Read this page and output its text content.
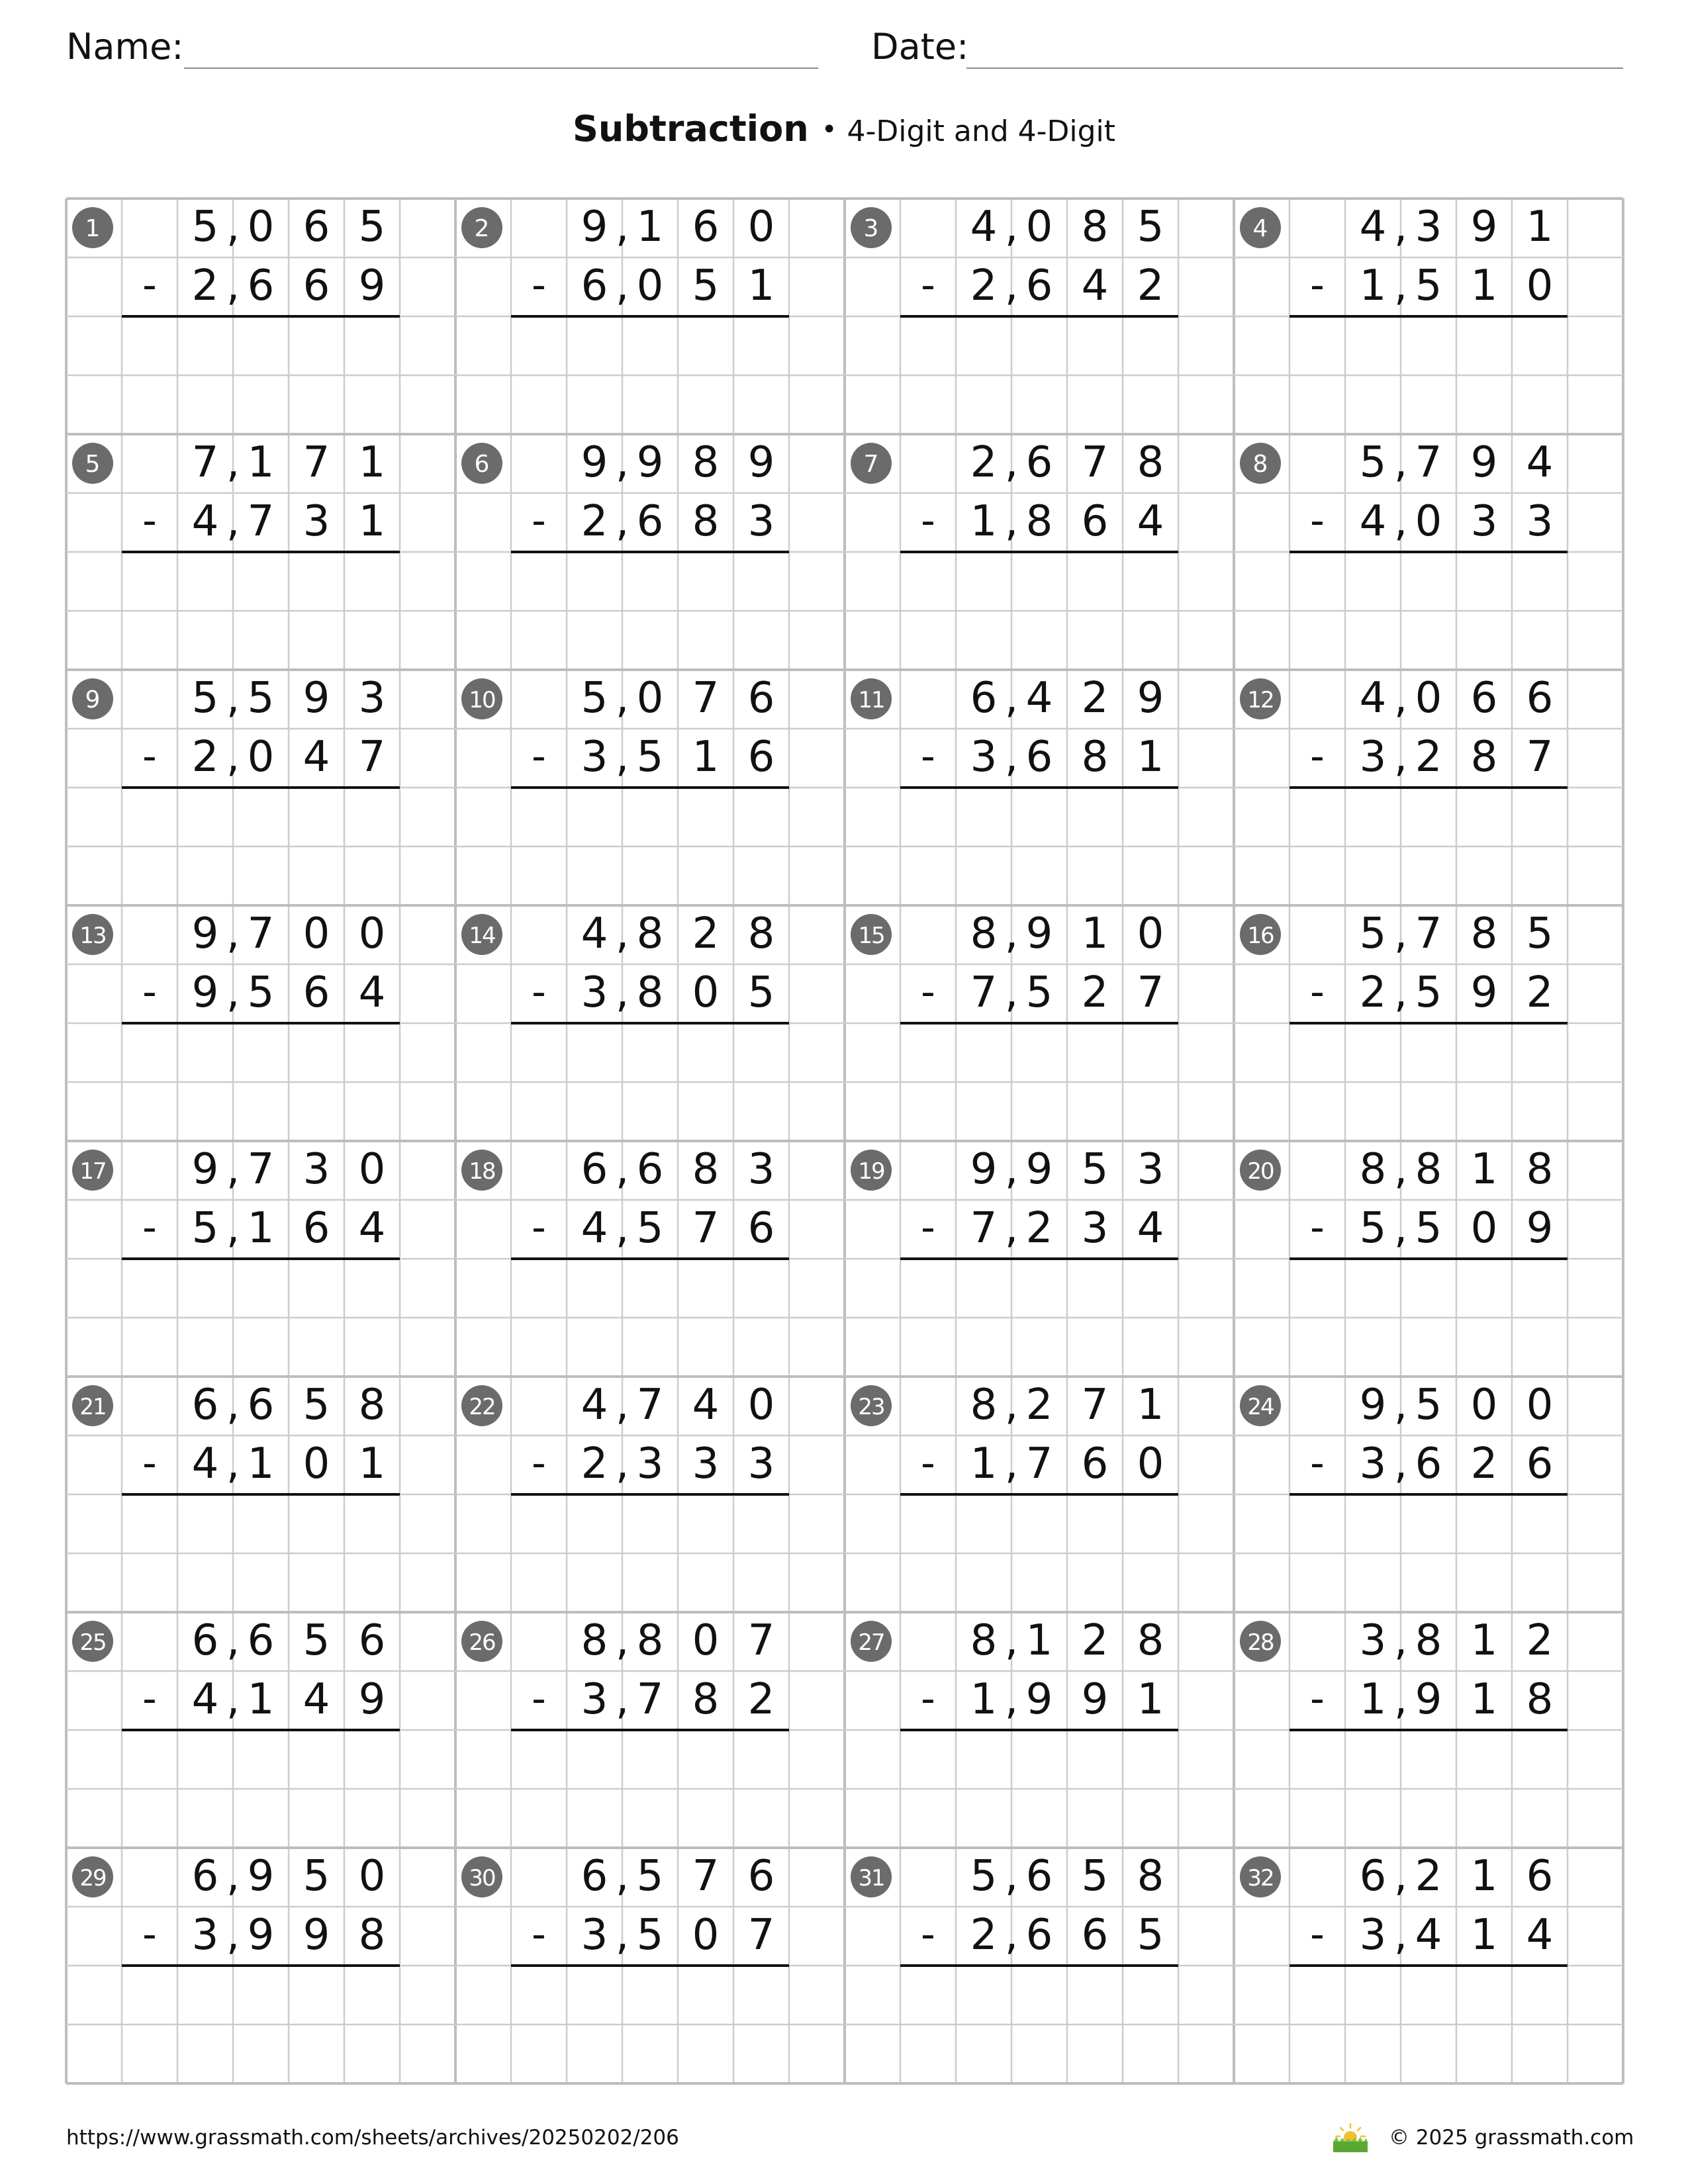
Name:	Date:
Subtraction • 4-Digit and 4-Digit
1 5 0 6 5
,
2 6 6 9
,
-
2 9 1 6 0
,
6 0 5 1
,
-
3 4 0 8 5
,
2 6 4 2
,
-
4 4 3 9 1
,
1 5 1 0
,
-
5 7 1 7 1
,
4 7 3 1
,
-
6 9 9 8 9
,
2 6 8 3
,
-
7 2 6 7 8
,
1 8 6 4
,
-
8 5 7 9 4
,
4 0 3 3
,
-
9 5 5 9 3
,
2 0 4 7
,
-
10 5 0 7 6
,
3 5 1 6
,
-
11 6 4 2 9
,
3 6 8 1
,
-
12 4 0 6 6
,
3 2 8 7
,
-
13 9 7 0 0
,
9 5 6 4
,
-
14 4 8 2 8
,
3 8 0 5
,
-
15 8 9 1 0
,
7 5 2 7
,
-
16 5 7 8 5
,
2 5 9 2
,
-
17 9 7 3 0
,
5 1 6 4
,
-
18 6 6 8 3
,
4 5 7 6
,
-
19 9 9 5 3
,
7 2 3 4
,
-
20 8 8 1 8
,
5 5 0 9
,
-
21 6 6 5 8
,
4 1 0 1
,
-
22 4 7 4 0
,
2 3 3 3
,
-
23 8 2 7 1
,
1 7 6 0
,
-
24 9 5 0 0
,
3 6 2 6
,
-
25 6 6 5 6
,
4 1 4 9
,
-
26 8 8 0 7
,
3 7 8 2
,
-
27 8 1 2 8
,
1 9 9 1
,
-
28 3 8 1 2
,
1 9 1 8
,
-
29 6 9 5 0
,
3 9 9 8
,
-
30 6 5 7 6
,
3 5 0 7
,
-
31 5 6 5 8
,
2 6 6 5
,
-
32 6 2 1 6
,
3 4 1 4
,
-
https://www.grassmath.com/sheets/archives/20250202/206	© 2025 grassmath.com
